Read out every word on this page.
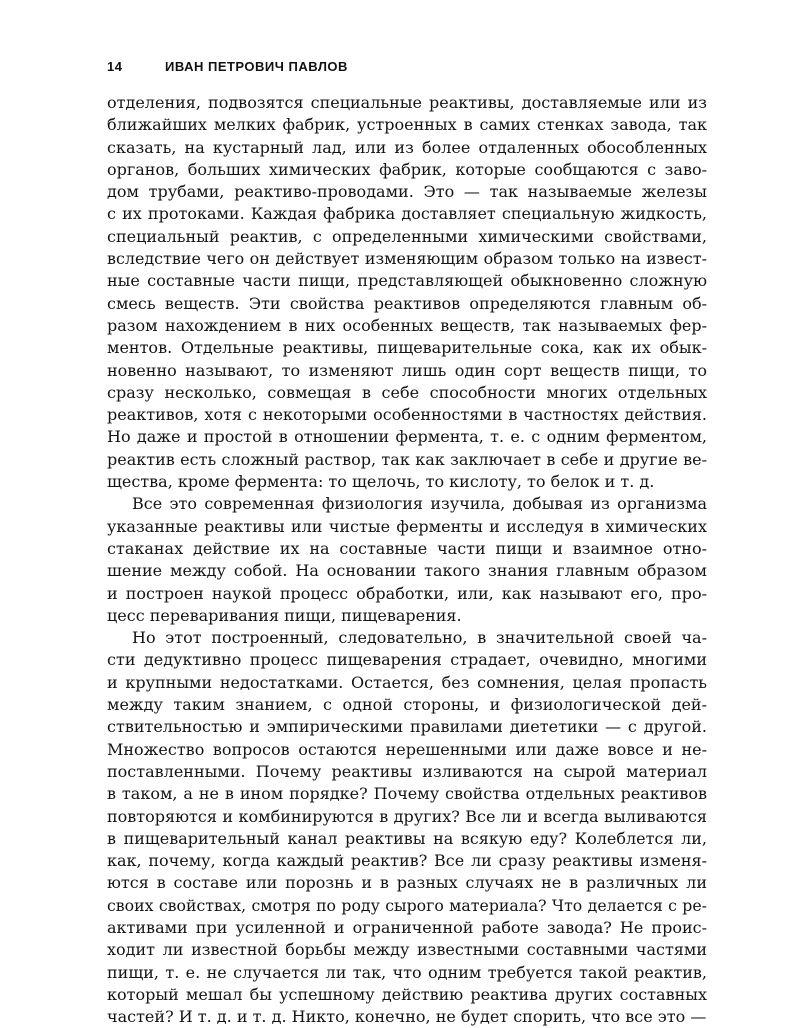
14	ИВАН ПЕТРОВИЧ ПАВЛОВ

отделения, подвозятся специальные реактивы, доставляемые или из
ближайших мелких фабрик, устроенных в самих стенках завода, так
сказать, на кустарный лад, или из более отдаленных обособленных
органов, больших химических фабрик, которые сообщаются с заво-
дом трубами, реактиво-проводами. Это — так называемые железы
с их протоками. Каждая фабрика доставляет специальную жидкость,
специальный реактив, с определенными химическими свойствами,
вследствие чего он действует изменяющим образом только на извест-
ные составные части пищи, представляющей обыкновенно сложную
смесь веществ. Эти свойства реактивов определяются главным об-
разом нахождением в них особенных веществ, так называемых фер-
ментов. Отдельные реактивы, пищеварительные сока, как их обык-
новенно называют, то изменяют лишь один сорт веществ пищи, то
сразу несколько, совмещая в себе способности многих отдельных
реактивов, хотя с некоторыми особенностями в частностях действия.
Но даже и простой в отношении фермента, т. е. с одним ферментом,
реактив есть сложный раствор, так как заключает в себе и другие ве-
щества, кроме фермента: то щелочь, то кислоту, то белок и т. д.

Все это современная физиология изучила, добывая из организма
указанные реактивы или чистые ферменты и исследуя в химических
стаканах действие их на составные части пищи и взаимное отно-
шение между собой. На основании такого знания главным образом
и построен наукой процесс обработки, или, как называют его, про-
цесс переваривания пищи, пищеварения.

Но этот построенный, следовательно, в значительной своей ча-
сти дедуктивно процесс пищеварения страдает, очевидно, многими
и крупными недостатками. Остается, без сомнения, целая пропасть
между таким знанием, с одной стороны, и физиологической дей-
ствительностью и эмпирическими правилами диететики — с другой.
Множество вопросов остаются нерешенными или даже вовсе и не-
поставленными. Почему реактивы изливаются на сырой материал
в таком, а не в ином порядке? Почему свойства отдельных реактивов
повторяются и комбинируются в других? Все ли и всегда выливаются
в пищеварительный канал реактивы на всякую еду? Колеблется ли,
как, почему, когда каждый реактив? Все ли сразу реактивы изменя-
ются в составе или порознь и в разных случаях не в различных ли
своих свойствах, смотря по роду сырого материала? Что делается с ре-
активами при усиленной и ограниченной работе завода? Не проис-
ходит ли известной борьбы между известными составными частями
пищи, т. е. не случается ли так, что одним требуется такой реактив,
который мешал бы успешному действию реактива других составных
частей? И т. д. и т. д. Никто, конечно, не будет спорить, что все это —
